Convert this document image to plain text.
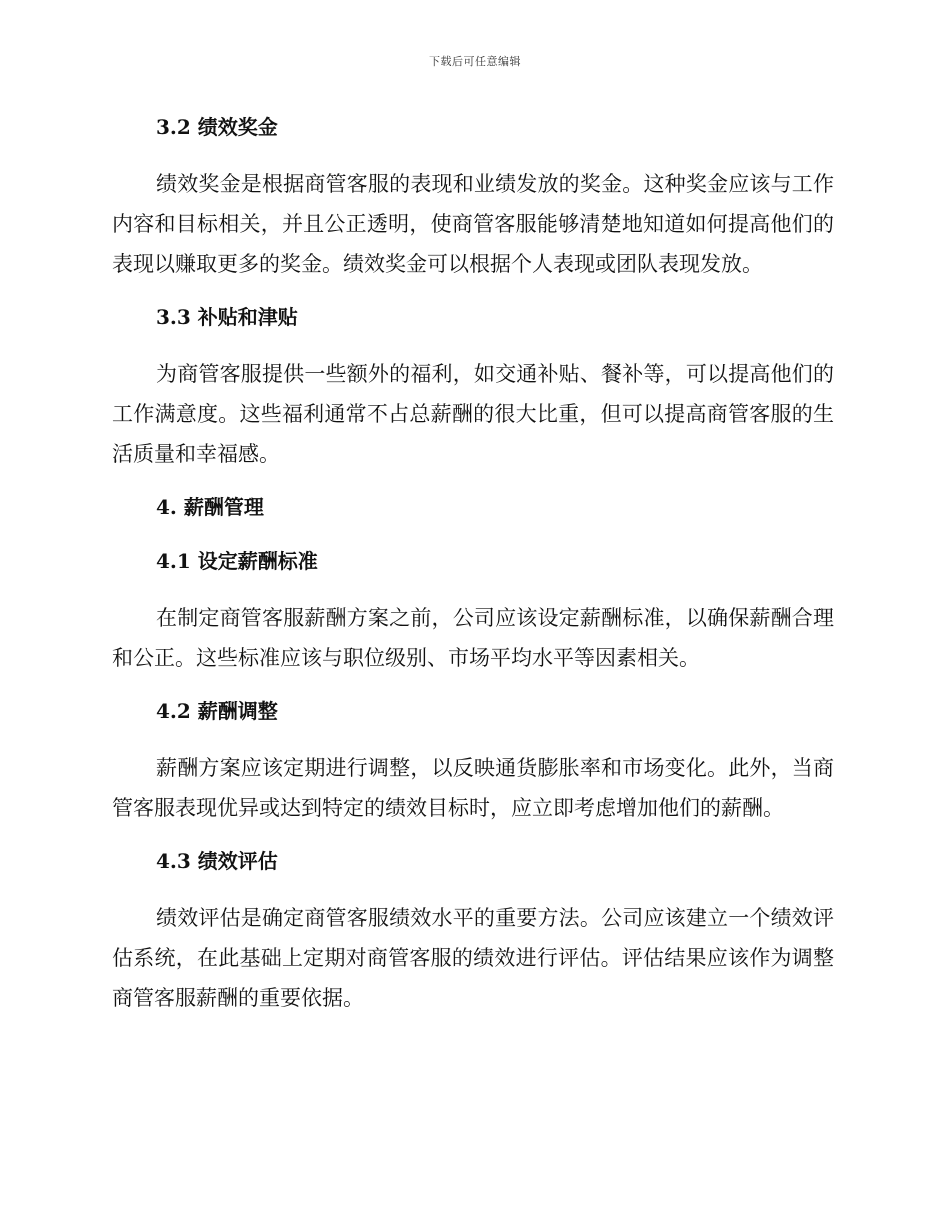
下载后可任意编辑
3.2 绩效奖金

绩效奖金是根据商管客服的表现和业绩发放的奖金。这种奖金应该与工作内容和目标相关，并且公正透明，使商管客服能够清楚地知道如何提高他们的表现以赚取更多的奖金。绩效奖金可以根据个人表现或团队表现发放。

3.3 补贴和津贴

为商管客服提供一些额外的福利，如交通补贴、餐补等，可以提高他们的工作满意度。这些福利通常不占总薪酬的很大比重，但可以提高商管客服的生活质量和幸福感。

4. 薪酬管理
4.1 设定薪酬标准

在制定商管客服薪酬方案之前，公司应该设定薪酬标准，以确保薪酬合理和公正。这些标准应该与职位级别、市场平均水平等因素相关。

4.2 薪酬调整

薪酬方案应该定期进行调整，以反映通货膨胀率和市场变化。此外，当商管客服表现优异或达到特定的绩效目标时，应立即考虑增加他们的薪酬。

4.3 绩效评估

绩效评估是确定商管客服绩效水平的重要方法。公司应该建立一个绩效评估系统，在此基础上定期对商管客服的绩效进行评估。评估结果应该作为调整商管客服薪酬的重要依据。
